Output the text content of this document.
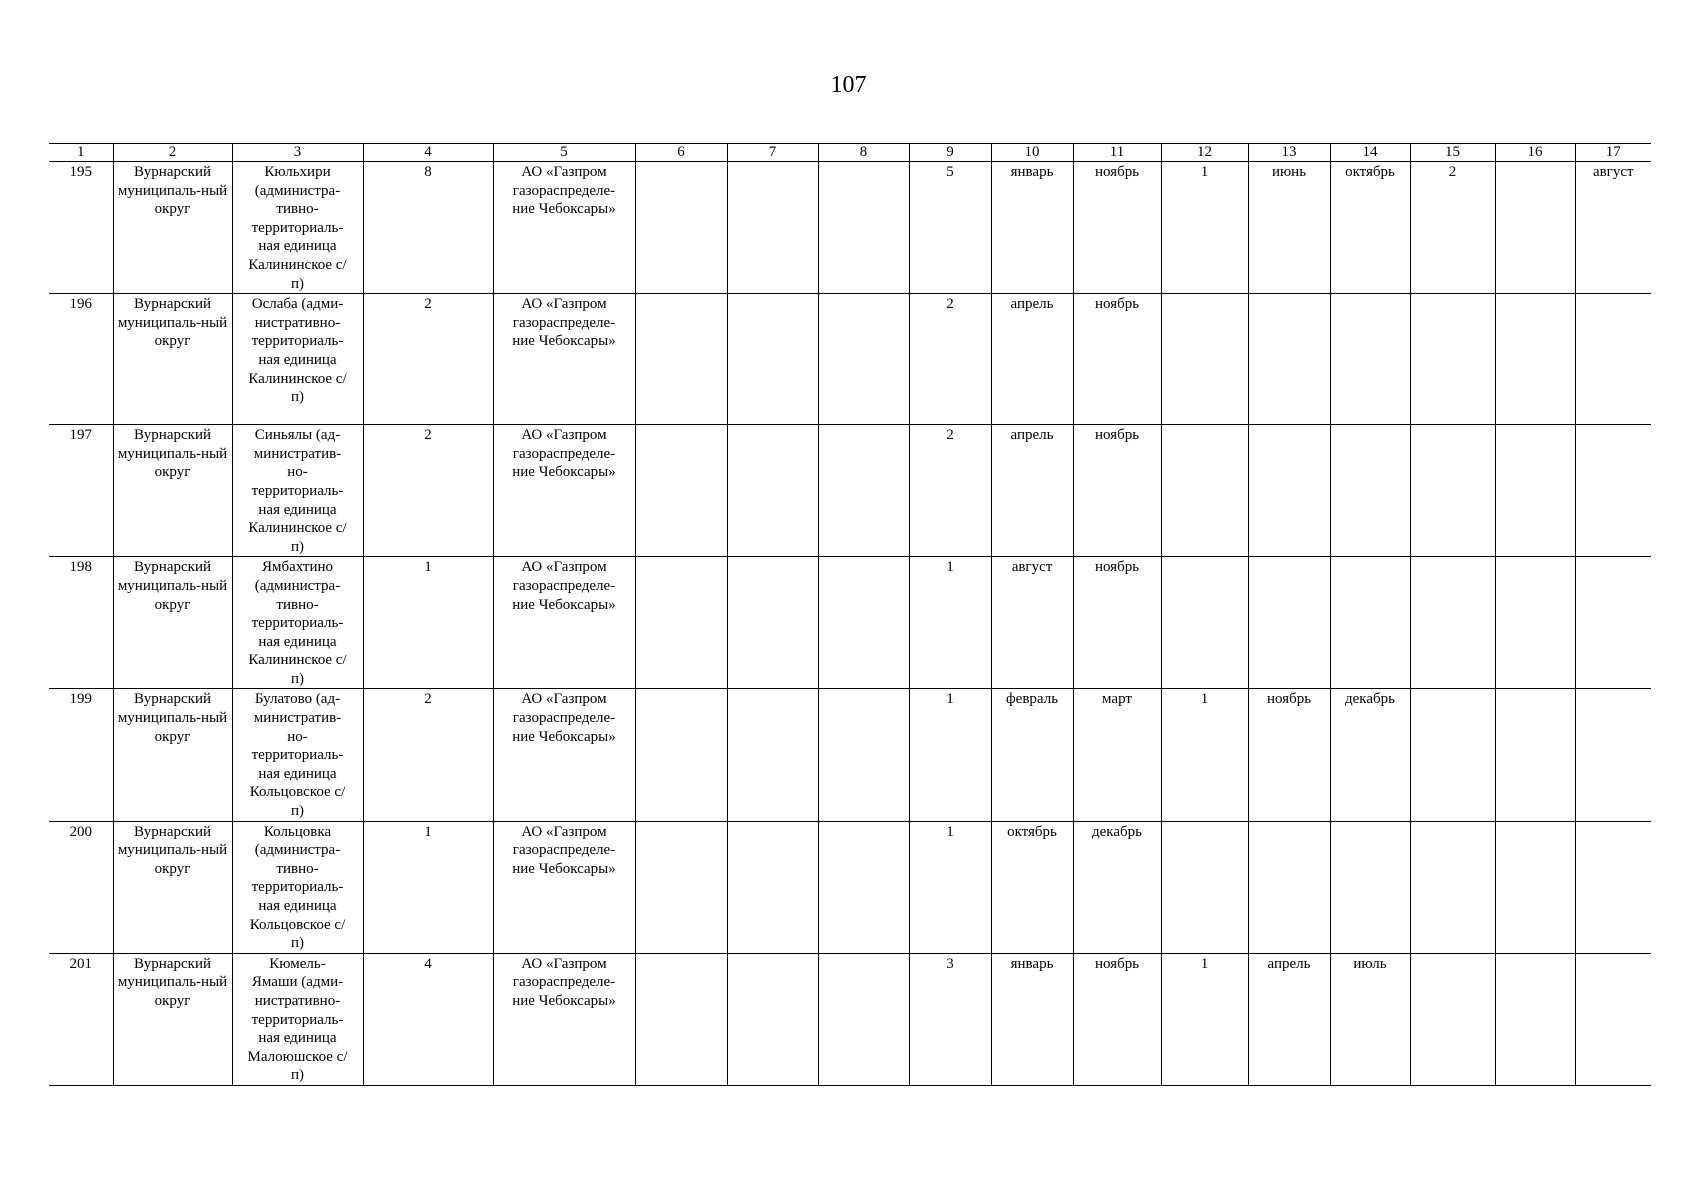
107
1	2	3	4	5	6	7	8	9	10	11	12	13	14	15	16	17
195	Вурнарский муниципаль-ный округ	Кюльхири (администра-тивно-территориаль-ная единица Калининское с/п)	8	АО «Газпром газораспределе-ние Чебоксары»				5	январь	ноябрь	1	июнь	октябрь	2		август
196	Вурнарский муниципаль-ный округ	Ослаба (адми-нистративно-территориаль-ная единица Калининское с/п)	2	АО «Газпром газораспределе-ние Чебоксары»				2	апрель	ноябрь						
197	Вурнарский муниципаль-ный округ	Синьялы (ад-министратив-но-территориаль-ная единица Калининское с/п)	2	АО «Газпром газораспределе-ние Чебоксары»				2	апрель	ноябрь						
198	Вурнарский муниципаль-ный округ	Ямбахтино (администра-тивно-территориаль-ная единица Калининское с/п)	1	АО «Газпром газораспределе-ние Чебоксары»				1	август	ноябрь						
199	Вурнарский муниципаль-ный округ	Булатово (ад-министратив-но-территориаль-ная единица Кольцовское с/п)	2	АО «Газпром газораспределе-ние Чебоксары»				1	февраль	март	1	ноябрь	декабрь			
200	Вурнарский муниципаль-ный округ	Кольцовка (администра-тивно-территориаль-ная единица Кольцовское с/п)	1	АО «Газпром газораспределе-ние Чебоксары»				1	октябрь	декабрь						
201	Вурнарский муниципаль-ный округ	Кюмель-Ямаши (адми-нистративно-территориаль-ная единица Малоюшское с/п)	4	АО «Газпром газораспределе-ние Чебоксары»				3	январь	ноябрь	1	апрель	июль			
